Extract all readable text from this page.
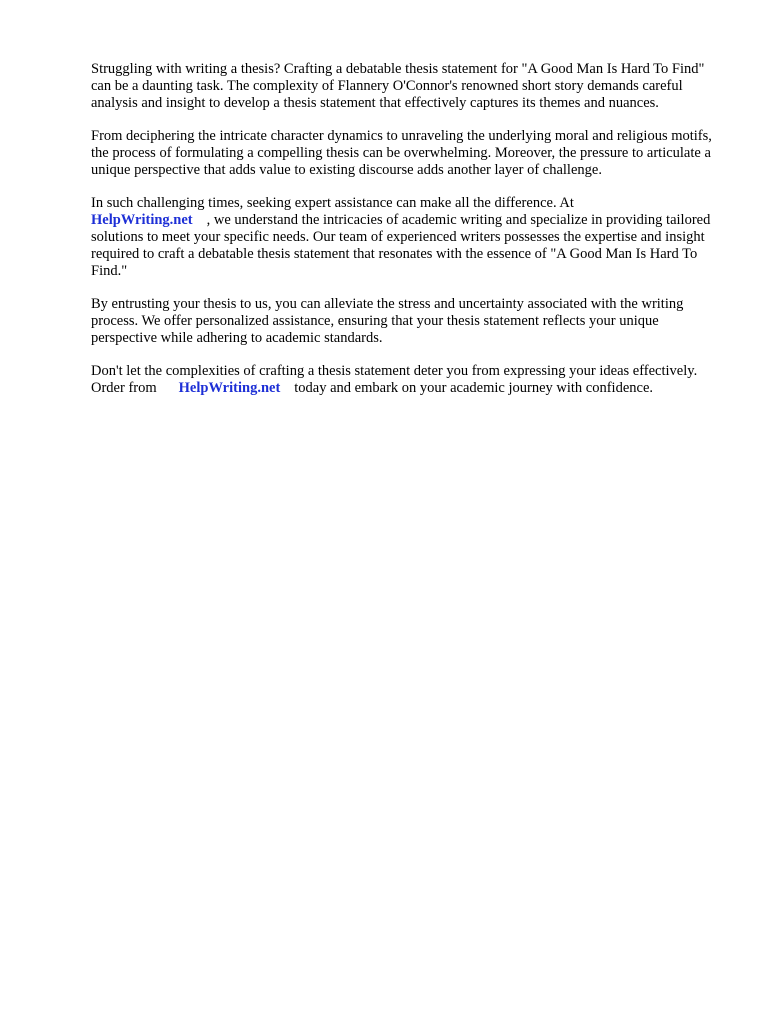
Struggling with writing a thesis? Crafting a debatable thesis statement for "A Good Man Is Hard To Find" can be a daunting task. The complexity of Flannery O'Connor's renowned short story demands careful analysis and insight to develop a thesis statement that effectively captures its themes and nuances.

From deciphering the intricate character dynamics to unraveling the underlying moral and religious motifs, the process of formulating a compelling thesis can be overwhelming. Moreover, the pressure to articulate a unique perspective that adds value to existing discourse adds another layer of challenge.

In such challenging times, seeking expert assistance can make all the difference. At
HelpWriting.net , we understand the intricacies of academic writing and specialize in providing tailored solutions to meet your specific needs. Our team of experienced writers possesses the expertise and insight required to craft a debatable thesis statement that resonates with the essence of "A Good Man Is Hard To Find."

By entrusting your thesis to us, you can alleviate the stress and uncertainty associated with the writing process. We offer personalized assistance, ensuring that your thesis statement reflects your unique perspective while adhering to academic standards.

Don't let the complexities of crafting a thesis statement deter you from expressing your ideas effectively. Order from HelpWriting.net today and embark on your academic journey with confidence.
